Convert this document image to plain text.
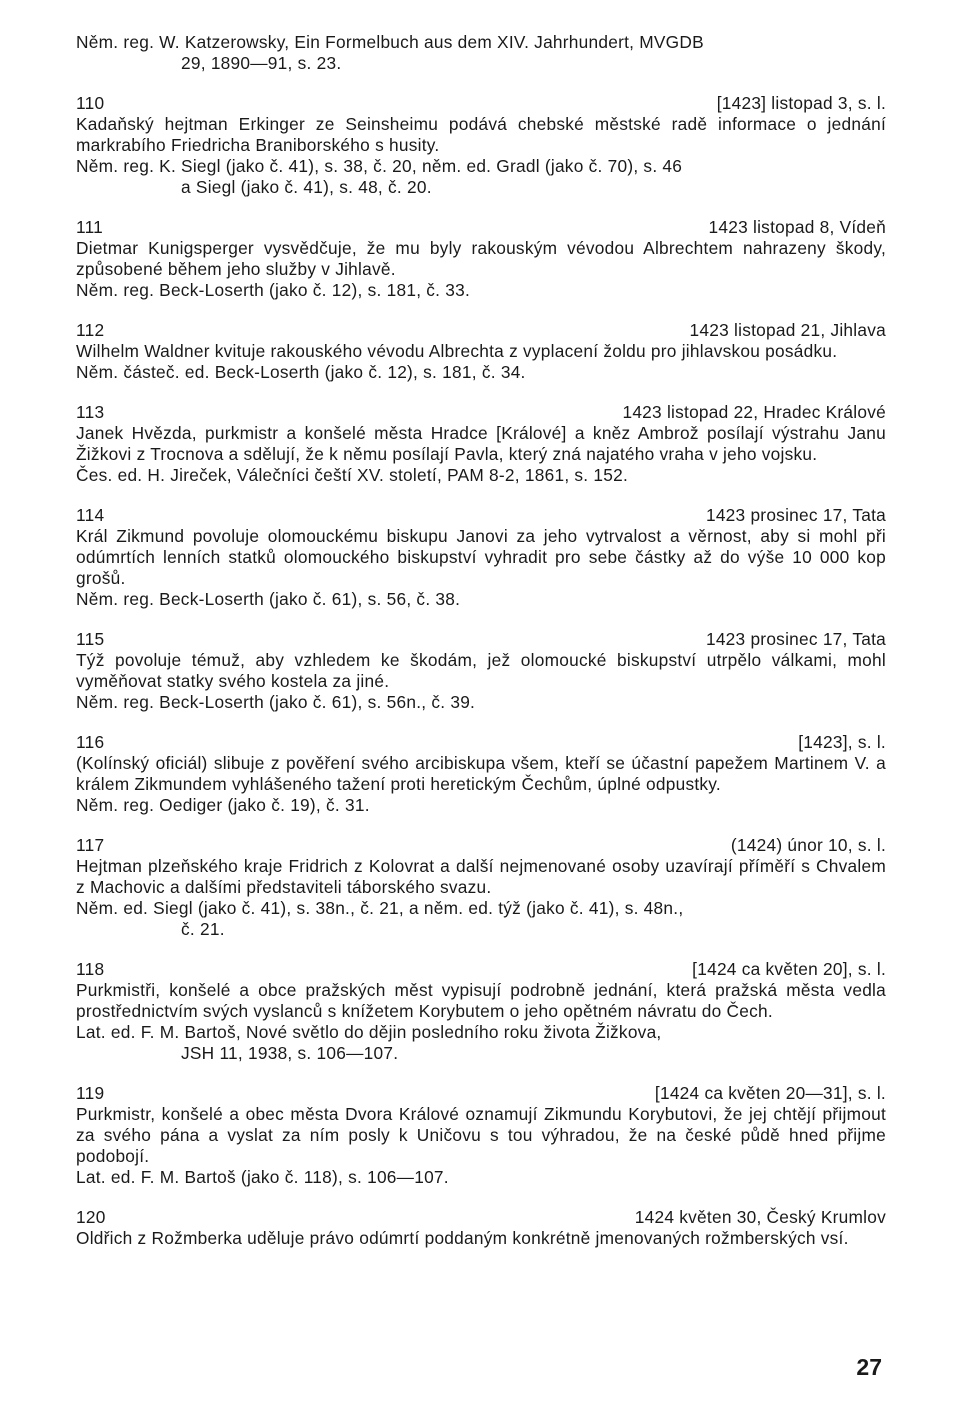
Něm. reg. W. Katzerowsky, Ein Formelbuch aus dem XIV. Jahrhundert, MVGDB

29, 1890—91, s. 23.

110	[1423] listopad 3, s. l.

Kadaňský hejtman Erkinger ze Seinsheimu podává chebské městské radě informace o jednání markrabího Friedricha Braniborského s husity.

Něm. reg. K. Siegl (jako č. 41), s. 38, č. 20, něm. ed. Gradl (jako č. 70), s. 46

a Siegl (jako č. 41), s. 48, č. 20.

111	1423 listopad 8, Vídeň

Dietmar Kunigsperger vysvědčuje, že mu byly rakouským vévodou Albrechtem nahrazeny škody, způsobené během jeho služby v Jihlavě.

Něm. reg. Beck-Loserth (jako č. 12), s. 181, č. 33.

112	1423 listopad 21, Jihlava

Wilhelm Waldner kvituje rakouského vévodu Albrechta z vyplacení žoldu pro jihlavskou posádku.

Něm. částeč. ed. Beck-Loserth (jako č. 12), s. 181, č. 34.

113	1423 listopad 22, Hradec Králové

Janek Hvězda, purkmistr a konšelé města Hradce [Králové] a kněz Ambrož posílají výstrahu Janu Žižkovi z Trocnova a sdělují, že k němu posílají Pavla, který zná najatého vraha v jeho vojsku.

Čes. ed. H. Jireček, Válečníci čeští XV. století, PAM 8-2, 1861, s. 152.

114	1423 prosinec 17, Tata

Král Zikmund povoluje olomouckému biskupu Janovi za jeho vytrvalost a věrnost, aby si mohl při odúmrtích lenních statků olomouckého biskupství vyhradit pro sebe částky až do výše 10 000 kop grošů.

Něm. reg. Beck-Loserth (jako č. 61), s. 56, č. 38.

115	1423 prosinec 17, Tata

Týž povoluje témuž, aby vzhledem ke škodám, jež olomoucké biskupství utrpělo válkami, mohl vyměňovat statky svého kostela za jiné.

Něm. reg. Beck-Loserth (jako č. 61), s. 56n., č. 39.

116	[1423], s. l.

(Kolínský oficiál) slibuje z pověření svého arcibiskupa všem, kteří se účastní papežem Martinem V. a králem Zikmundem vyhlášeného tažení proti heretickým Čechům, úplné odpustky.

Něm. reg. Oediger (jako č. 19), č. 31.

117	(1424) únor 10, s. l.

Hejtman plzeňského kraje Fridrich z Kolovrat a další nejmenované osoby uzavírají příměří s Chvalem z Machovic a dalšími představiteli táborského svazu.

Něm. ed. Siegl (jako č. 41), s. 38n., č. 21, a něm. ed. týž (jako č. 41), s. 48n.,

č. 21.

118	[1424 ca květen 20], s. l.

Purkmistři, konšelé a obce pražských měst vypisují podrobně jednání, která pražská města vedla prostřednictvím svých vyslanců s knížetem Korybutem o jeho opětném návratu do Čech.

Lat. ed. F. M. Bartoš, Nové světlo do dějin posledního roku života Žižkova,

JSH 11, 1938, s. 106—107.

119	[1424 ca květen 20—31], s. l.

Purkmistr, konšelé a obec města Dvora Králové oznamují Zikmundu Korybutovi, že jej chtějí přijmout za svého pána a vyslat za ním posly k Uničovu s tou výhradou, že na české půdě hned přijme podobojí.

Lat. ed. F. M. Bartoš (jako č. 118), s. 106—107.

120	1424 květen 30, Český Krumlov

Oldřich z Rožmberka uděluje právo odúmrtí poddaným konkrétně jmenovaných rožmberských vsí.

27
